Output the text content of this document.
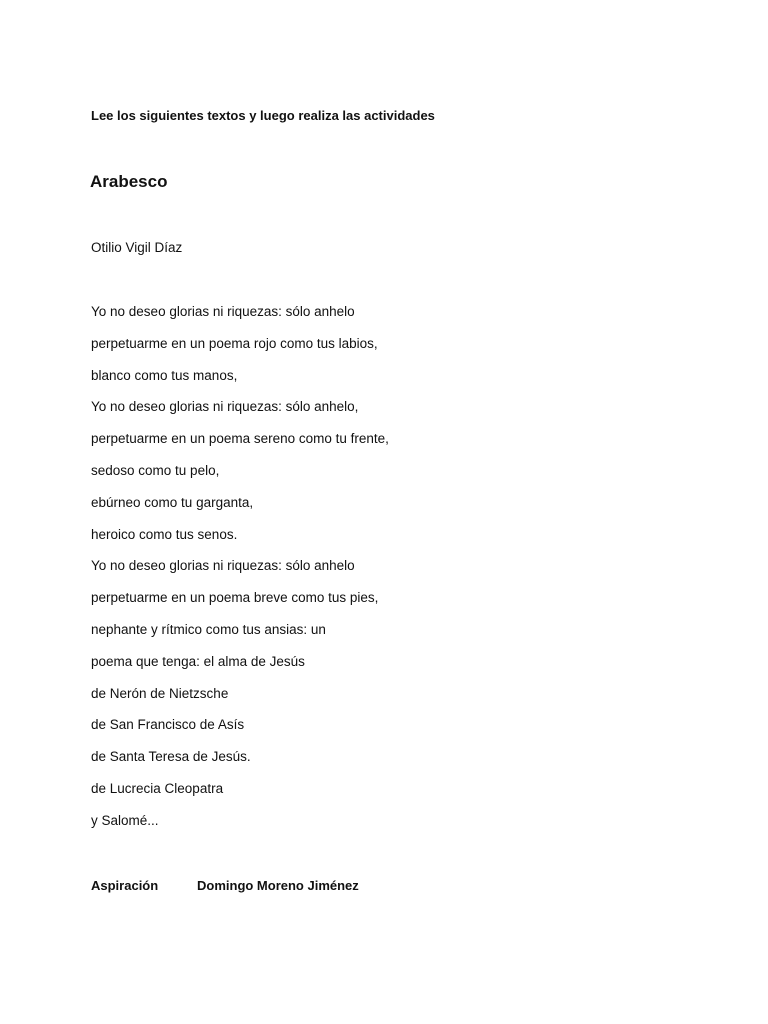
Lee los siguientes textos y luego realiza las actividades
Arabesco
Otilio Vigil Díaz
Yo no deseo glorias ni riquezas: sólo anhelo
perpetuarme en un poema rojo como tus labios,
blanco como tus manos,
Yo no deseo glorias ni riquezas: sólo anhelo,
perpetuarme en un poema sereno como tu frente,
sedoso como tu pelo,
ebúrneo como tu garganta,
heroico como tus senos.
Yo no deseo glorias ni riquezas: sólo anhelo
perpetuarme en un poema breve como tus pies,
nephante y rítmico como tus ansias: un
poema que tenga: el alma de Jesús
de Nerón de Nietzsche
de San Francisco de Asís
de Santa Teresa de Jesús.
de Lucrecia Cleopatra
y Salomé...
Aspiración	Domingo Moreno Jiménez
